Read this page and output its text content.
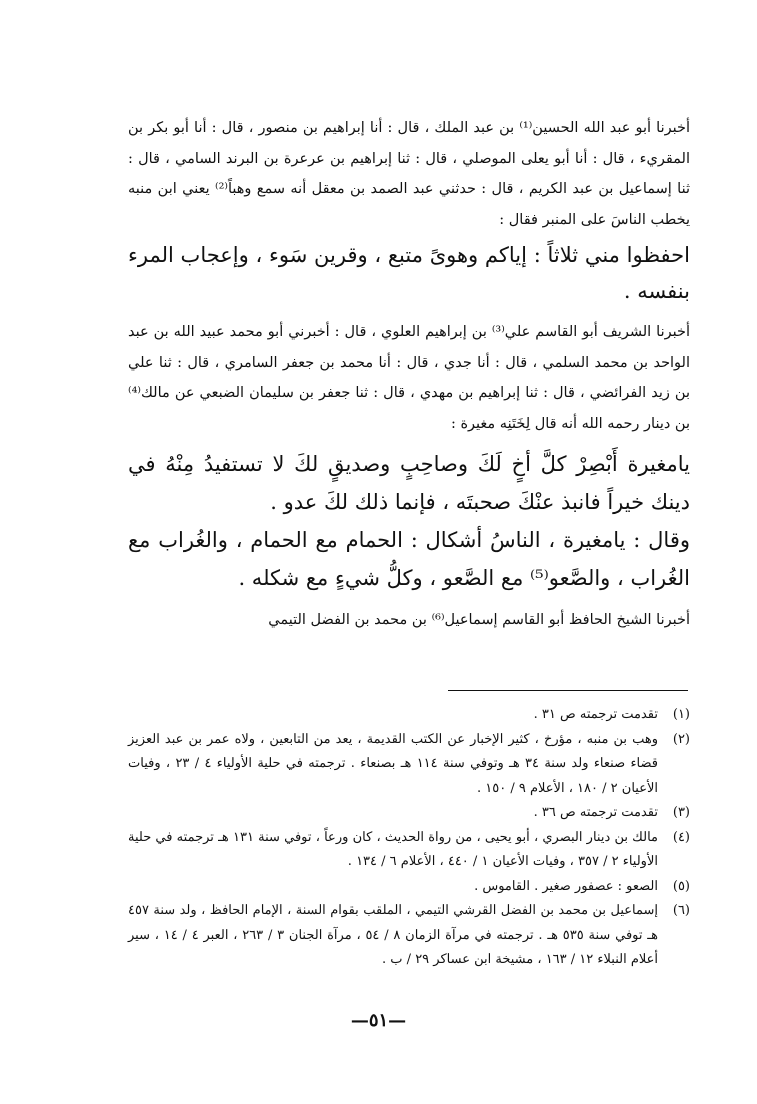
أخبرنا أبو عبد الله الحسين⁽¹⁾ بن عبد الملك ، قال : أنا إبراهيم بن منصور ، قال : أنا أبو بكر بن المقريء ، قال : أنا أبو يعلى الموصلي ، قال : ثنا إبراهيم بن عرعرة بن البرند السامي ، قال : ثنا إسماعيل بن عبد الكريم ، قال : حدثني عبد الصمد بن معقل أنه سمع وهباً⁽²⁾ يعني ابن منبه يخطب الناسَ على المنبر فقال :

احفظوا مني ثلاثاً : إياكم وهوىً متبع ، وقرين سَوء ، وإعجاب المرء بنفسه .

أخبرنا الشريف أبو القاسم علي⁽³⁾ بن إبراهيم العلوي ، قال : أخبرني أبو محمد عبيد الله بن عبد الواحد بن محمد السلمي ، قال : أنا جدي ، قال : أنا محمد بن جعفر السامري ، قال : ثنا علي بن زيد الفرائضي ، قال : ثنا إبراهيم بن مهدي ، قال : ثنا جعفر بن سليمان الضبعي عن مالك⁽⁴⁾ بن دينار رحمه الله أنه قال لِخَتَنِه مغيرة :

يامغيرة أَبْصِرْ كلَّ أخٍ لَكَ وصاحِبٍ وصديقٍ لكَ لا تستفيدُ مِنْهُ في دينك خيراً فانبذ عنْكَ صحبتَه ، فإنما ذلك لكَ عدو .

وقال : يامغيرة ، الناسُ أشكال : الحمام مع الحمام ، والغُراب مع الغُراب ، والصَّعو⁽⁵⁾ مع الصَّعو ، وكلُّ شيءٍ مع شكله .

أخبرنا الشيخ الحافظ أبو القاسم إسماعيل⁽⁶⁾ بن محمد بن الفضل التيمي

(١)
تقدمت ترجمته ص ٣١ .
(٢)
وهب بن منبه ، مؤرخ ، كثير الإخبار عن الكتب القديمة ، يعد من التابعين ، ولاه عمر بن عبد العزيز قضاء صنعاء ولد سنة ٣٤ هـ وتوفي سنة ١١٤ هـ بصنعاء . ترجمته في حلية الأولياء ٤ / ٢٣ ، وفيات الأعيان ٢ / ١٨٠ ، الأعلام ٩ / ١٥٠ .
(٣)
تقدمت ترجمته ص ٣٦ .
(٤)
مالك بن دينار البصري ، أبو يحيى ، من رواة الحديث ، كان ورعاً ، توفي سنة ١٣١ هـ ترجمته في حلية الأولياء ٢ / ٣٥٧ ، وفيات الأعيان ١ / ٤٤٠ ، الأعلام ٦ / ١٣٤ .
(٥)
الصعو : عصفور صغير . القاموس .
(٦)
إسماعيل بن محمد بن الفضل القرشي التيمي ، الملقب بقوام السنة ، الإمام الحافظ ، ولد سنة ٤٥٧ هـ توفي سنة ٥٣٥ هـ . ترجمته في مرآة الزمان ٨ / ٥٤ ، مرآة الجنان ٣ / ٢٦٣ ، العبر ٤ / ١٤ ، سير أعلام النبلاء ١٢ / ١٦٣ ، مشيخة ابن عساكر ٢٩ / ب .
—٥١—
